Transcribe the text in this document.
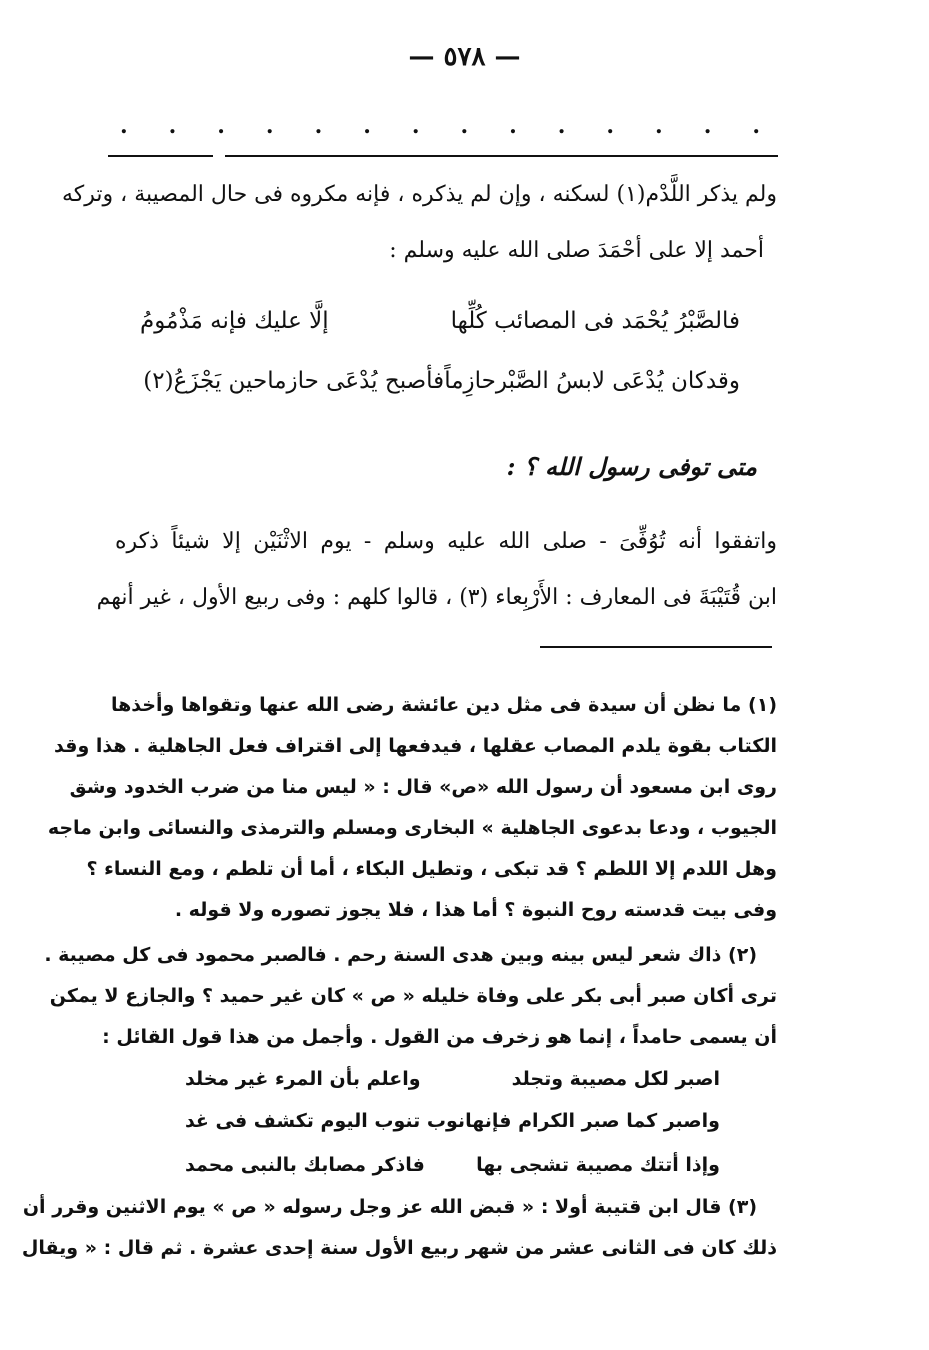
— ٥٧٨ —
. . . . . . . . . . . . . .
ولم يذكر اللَّدْم(١) لسكنه ، وإن لم يذكره ، فإنه مكروه فى حال المصيبة ، وتركه
أحمد إلا على أحْمَدَ صلى الله عليه وسلم :
فالصَّبْرُ يُحْمَد فى المصائب كُلِّها
إلَّا عليك فإنه مَذْمُومُ
وقدكان يُدْعَى لابسُ الصَّبْرحازِماً
فأصبح يُدْعَى حازماحين يَجْزَعُ(٢)
متى توفى رسول الله ؟ :
واتفقوا أنه تُوُفِّىَ - صلى الله عليه وسلم - يوم الاثْنَيْن إلا شيئاً ذكره
ابن قُتَيْبَةَ فى المعارف : الأَرْبِعاء (٣) ، قالوا كلهم : وفى ربيع الأول ، غير أنهم
(١) ما نظن أن سيدة فى مثل دين عائشة رضى الله عنها وتقواها وأخذها
الكتاب بقوة يلدم المصاب عقلها ، فيدفعها إلى اقتراف فعل الجاهلية . هذا وقد
روى ابن مسعود أن رسول الله «ص» قال : « ليس منا من ضرب الخدود وشق
الجيوب ، ودعا بدعوى الجاهلية » البخارى ومسلم والترمذى والنسائى وابن ماجه
وهل اللدم إلا اللطم ؟ قد تبكى ، وتطيل البكاء ، أما أن تلطم ، ومع النساء ؟
وفى بيت قدسته روح النبوة ؟ أما هذا ، فلا يجوز تصوره ولا قوله .
(٢) ذاك شعر ليس بينه وبين هدى السنة رحم . فالصبر محمود فى كل مصيبة .
ترى أكان صبر أبى بكر على وفاة خليله « ص » كان غير حميد ؟ والجازع لا يمكن
أن يسمى حامداً ، إنما هو زخرف من القول . وأجمل من هذا قول القائل :
اصبر لكل مصيبة وتجلد
واعلم بأن المرء غير مخلد
واصبر كما صبر الكرام فإنها
نوب تنوب اليوم تكشف فى غد
وإذا أتتك مصيبة تشجى بها
فاذكر مصابك بالنبى محمد
(٣) قال ابن قتيبة أولا : « قبض الله عز وجل رسوله « ص » يوم الاثنين وقرر أن
ذلك كان فى الثانى عشر من شهر ربيع الأول سنة إحدى عشرة . ثم قال : « ويقال
